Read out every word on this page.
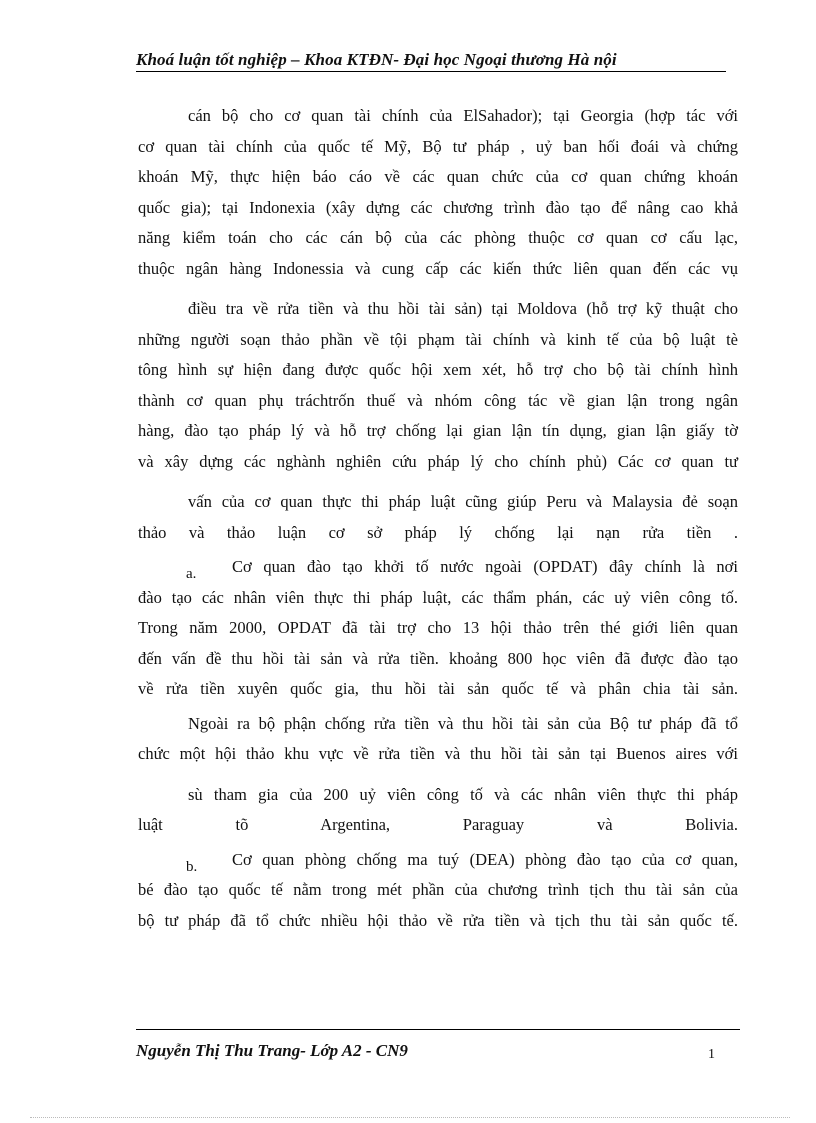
Khoá luận tốt nghiệp – Khoa KTĐN- Đại học Ngoại thương Hà nội
cán bộ cho cơ quan tài chính của ElSahador); tại Georgia (hợp tác với
cơ quan tài chính của quốc tế Mỹ, Bộ tư pháp , uỷ ban hối đoái và chứng
khoán Mỹ, thực hiện báo cáo về các quan chức của cơ quan chứng khoán
quốc gia); tại Indonexia (xây dựng các chương trình đào tạo để nâng cao khả
năng kiểm toán cho các cán bộ của các phòng thuộc cơ quan cơ cấu lạc,
thuộc ngân hàng Indonessia và cung cấp các kiến thức liên quan đến các vụ
điều tra về rửa tiền và thu hồi tài sản) tại Moldova (hỗ trợ kỹ thuật cho
những người soạn thảo phần về tội phạm tài chính và kinh tế của bộ luật tè
tông hình sự hiện đang được quốc hội xem xét, hỗ trợ cho bộ tài chính hình
thành cơ quan phụ tráchtrốn thuế và nhóm công tác về gian lận trong ngân
hàng, đào tạo pháp lý và hỗ trợ chống lại gian lận tín dụng, gian lận giấy tờ
và xây dựng các nghành nghiên cứu pháp lý cho chính phủ) Các cơ quan tư
vấn của cơ quan thực thi pháp luật cũng giúp Peru và Malaysia đẻ soạn
thảo và thảo luận cơ sở pháp lý chống lại nạn rửa tiền .
a. Cơ quan đào tạo khởi tố nước ngoài (OPDAT) đây chính là nơi
đào tạo các nhân viên thực thi pháp luật, các thẩm phán, các uỷ viên công tố.
Trong năm 2000, OPDAT đã tài trợ cho 13 hội thảo trên thé giới liên quan
đến vấn đề thu hồi tài sản và rửa tiền. khoảng 800 học viên đã được đào tạo
về rửa tiền xuyên quốc gia, thu hồi tài sản quốc tế và phân chia tài sản.
Ngoài ra bộ phận chống rửa tiền và thu hồi tài sản của Bộ tư pháp đã tổ
chức một hội thảo khu vực về rửa tiền và thu hồi tài sản tại Buenos aires với
sù tham gia của 200 uỷ viên công tố và các nhân viên thực thi pháp
luật tõ Argentina, Paraguay và Bolivia.
b. Cơ quan phòng chống ma tuý (DEA) phòng đào tạo của cơ quan,
bé đào tạo quốc tế nằm trong mét phần của chương trình tịch thu tài sản của
bộ tư pháp đã tổ chức nhiều hội thảo về rửa tiền và tịch thu tài sản quốc tế.
Nguyễn Thị Thu Trang- Lớp A2 - CN9	1
